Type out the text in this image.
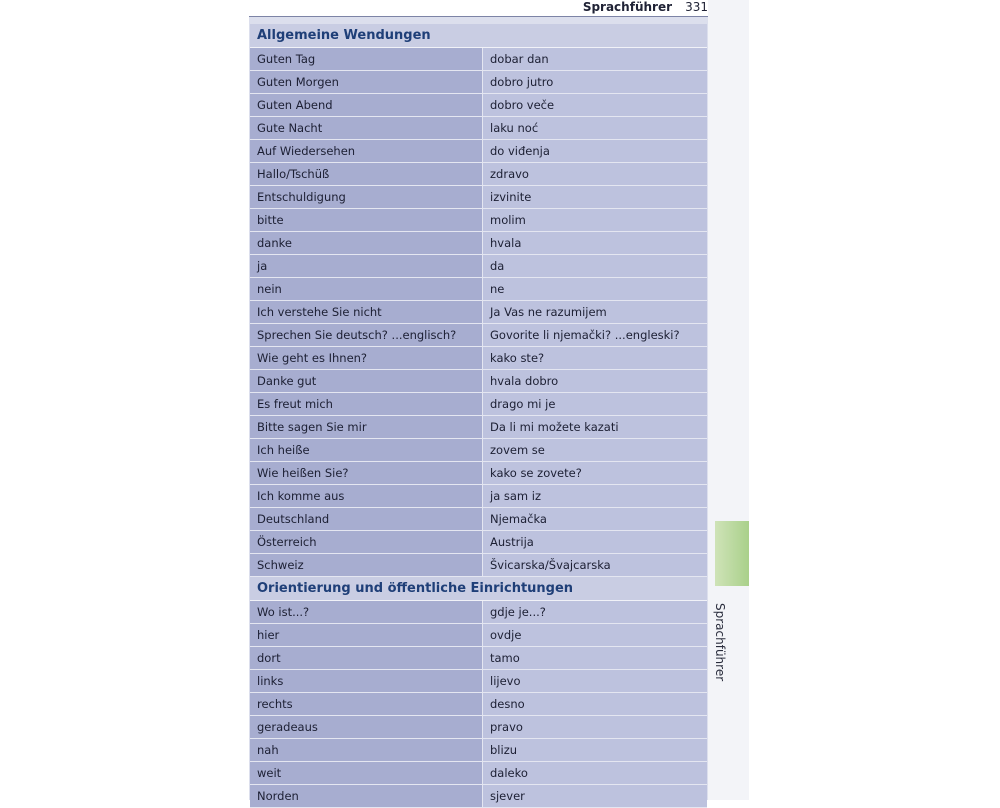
Sprachführer 331
Allgemeine Wendungen
Guten Tag	dobar dan
Guten Morgen	dobro jutro
Guten Abend	dobro veče
Gute Nacht	laku noć
Auf Wiedersehen	do viđenja
Hallo/Tschüß	zdravo
Entschuldigung	izvinite
bitte	molim
danke	hvala
ja	da
nein	ne
Ich verstehe Sie nicht	Ja Vas ne razumijem
Sprechen Sie deutsch? ...englisch?	Govorite li njemački? ...engleski?
Wie geht es Ihnen?	kako ste?
Danke gut	hvala dobro
Es freut mich	drago mi je
Bitte sagen Sie mir	Da li mi možete kazati
Ich heiße	zovem se
Wie heißen Sie?	kako se zovete?
Ich komme aus	ja sam iz
Deutschland	Njemačka
Österreich	Austrija
Schweiz	Švicarska/Švajcarska
Orientierung und öffentliche Einrichtungen
Wo ist...?	gdje je...?
hier	ovdje
dort	tamo
links	lijevo
rechts	desno
geradeaus	pravo
nah	blizu
weit	daleko
Norden	sjever
Sprachführer
